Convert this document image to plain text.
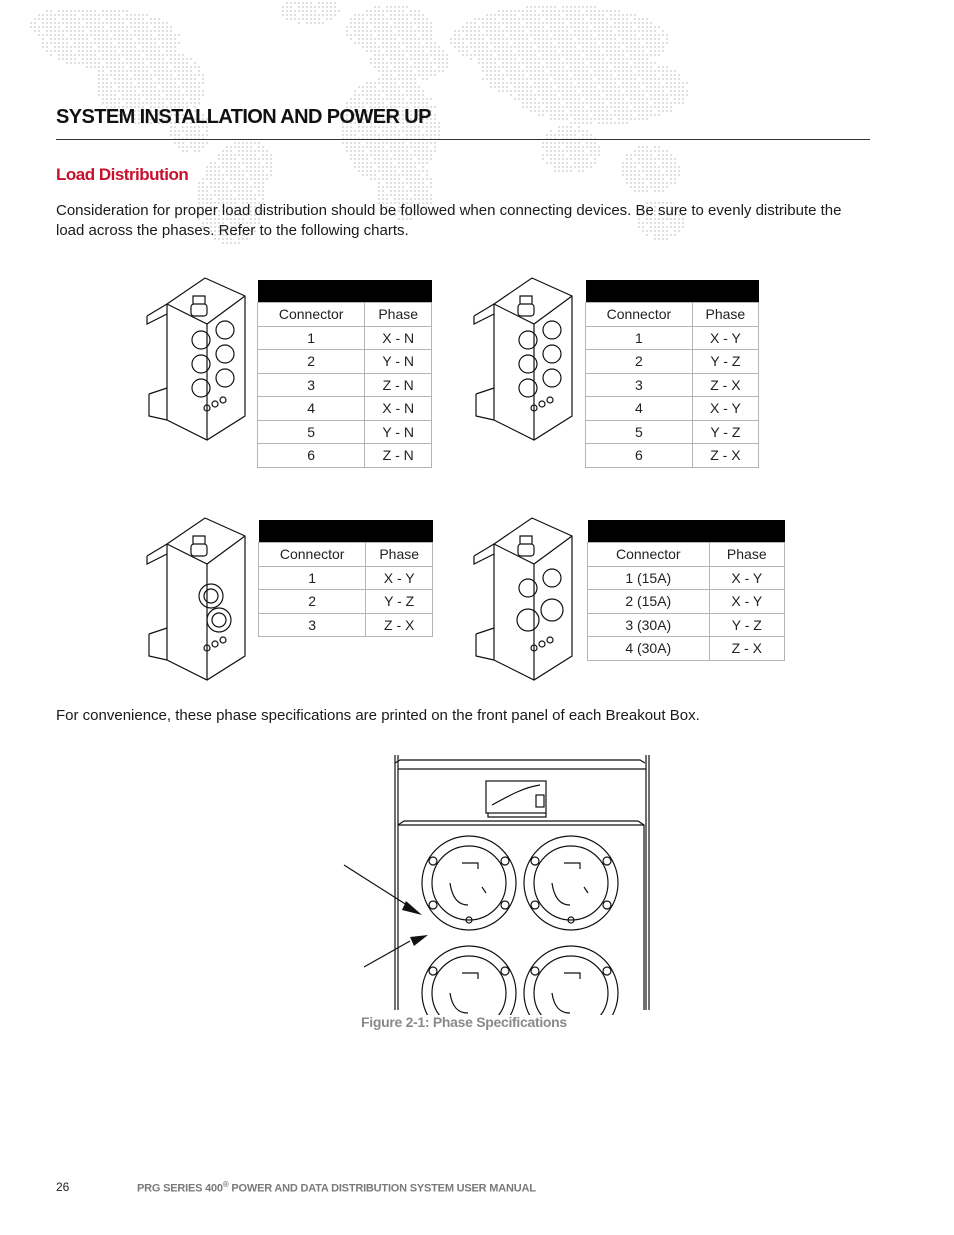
SYSTEM INSTALLATION AND POWER UP
Load Distribution

Consideration for proper load distribution should be followed when connecting devices. Be sure to evenly distribute the load across the phases. Refer to the following charts.

Connector	Phase
1	X - N
2	Y - N
3	Z - N
4	X - N
5	Y - N
6	Z - N

Connector	Phase
1	X - Y
2	Y - Z
3	Z - X
4	X - Y
5	Y - Z
6	Z - X

Connector	Phase
1	X - Y
2	Y - Z
3	Z - X

Connector	Phase
1 (15A)	X - Y
2 (15A)	X - Y
3 (30A)	Y - Z
4 (30A)	Z - X

For convenience, these phase specifications are printed on the front panel of each Breakout Box.

Figure 2-1: Phase Specifications

26	PRG SERIES 400® POWER AND DATA DISTRIBUTION SYSTEM USER MANUAL
